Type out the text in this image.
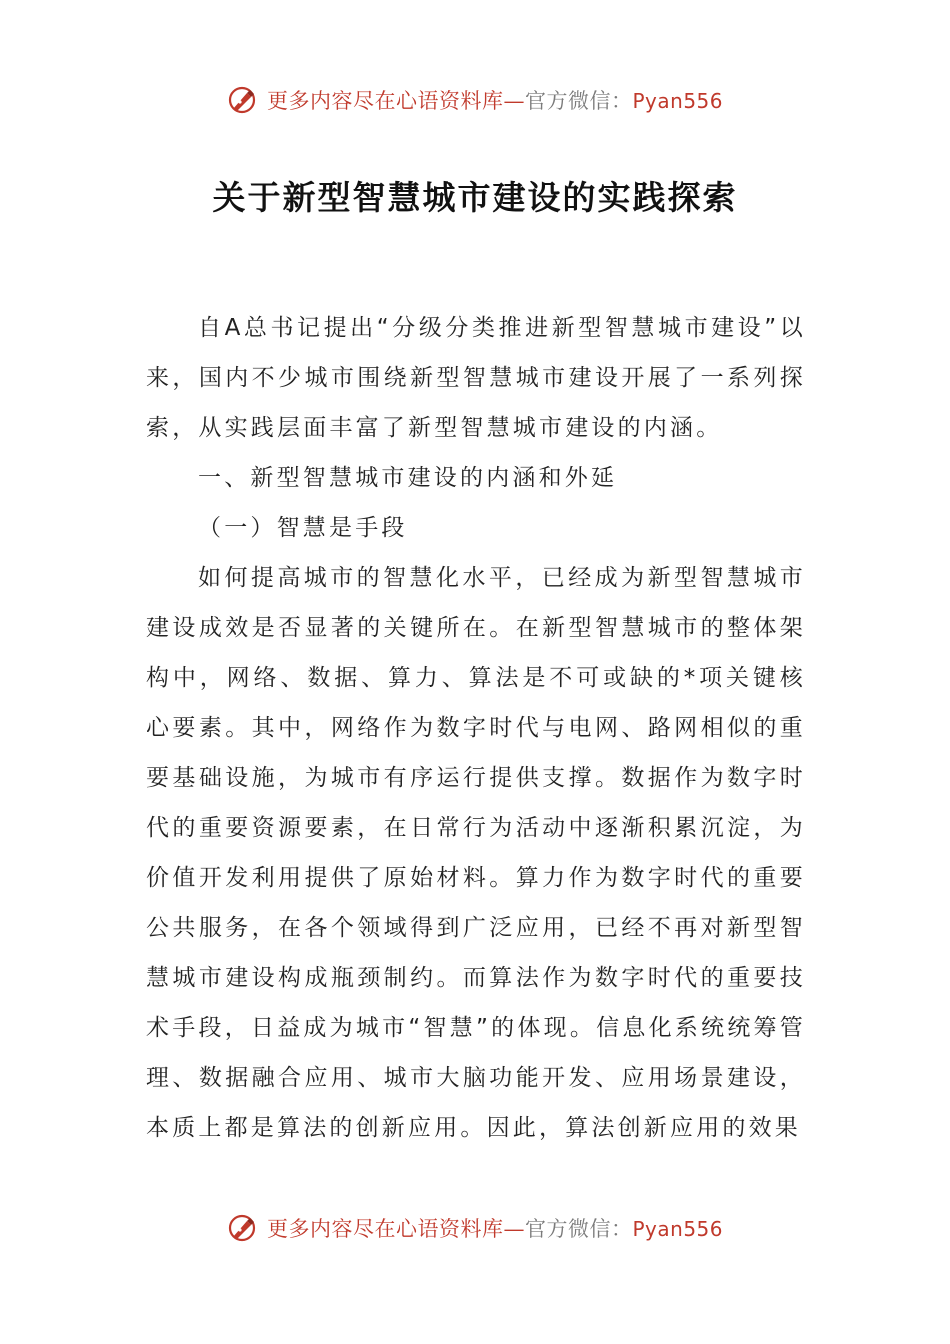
更多内容尽在心语资料库—官方微信：Pyan556
关于新型智慧城市建设的实践探索

自A总书记提出“分级分类推进新型智慧城市建设”以来，国内不少城市围绕新型智慧城市建设开展了一系列探索，从实践层面丰富了新型智慧城市建设的内涵。

一、新型智慧城市建设的内涵和外延

（一）智慧是手段

如何提高城市的智慧化水平，已经成为新型智慧城市建设成效是否显著的关键所在。在新型智慧城市的整体架构中，网络、数据、算力、算法是不可或缺的*项关键核心要素。其中，网络作为数字时代与电网、路网相似的重要基础设施，为城市有序运行提供支撑。数据作为数字时代的重要资源要素，在日常行为活动中逐渐积累沉淀，为价值开发利用提供了原始材料。算力作为数字时代的重要公共服务，在各个领域得到广泛应用，已经不再对新型智慧城市建设构成瓶颈制约。而算法作为数字时代的重要技术手段，日益成为城市“智慧”的体现。信息化系统统筹管理、数据融合应用、城市大脑功能开发、应用场景建设，本质上都是算法的创新应用。因此，算法创新应用的效果

更多内容尽在心语资料库—官方微信：Pyan556
